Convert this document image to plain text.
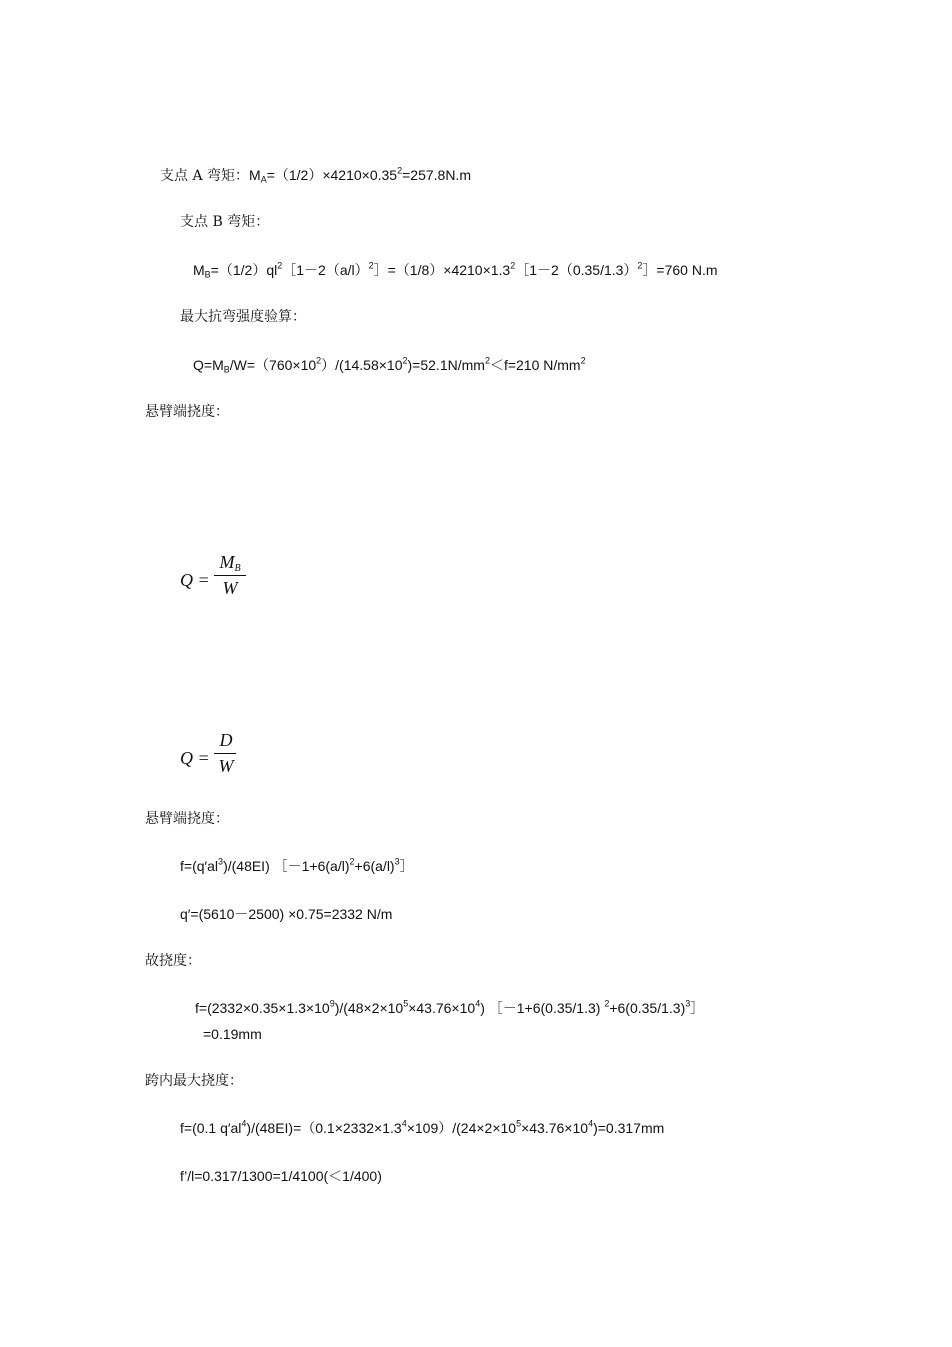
支点 A 弯矩：$M_A=(1/2)\times 4210\times 0.35^2=257.8N.m$
支点 B 弯矩：
$M_B=(1/2)ql^2[1-2(a/l)^2]=(1/8)\times 4210\times 1.3^2[1-2(0.35/1.3)^2]=760$ N.m
最大抗弯强度验算：
$Q=M_B/W=(760\times 10^2)/(14.58\times 10^2)=52.1N/mm^2<f=210$ $N/mm^2$
悬臂端挠度：
Q =
MB
W
Q =
D
W
悬臂端挠度：
$f=(q'al^3)/(48EI)$ $[-1+6(a/l)^2+6(a/l)^3]$
q′=(5610－2500) ×0.75=2332 N/m
故挠度：
$f=(2332\times 0.35\times 1.3\times 10^9)/(48\times 2\times 10^5\times 43.76\times 10^4)$ ［－1+6(0.35/1.3) $^2+6(0.35/1.3)^3]$
=0.19mm
跨内最大挠度：
f=(0.1 $q'al^4)/(48EI)=(0.1\times 2332\times 1.3^4\times 109)/(24\times 2\times 10^5\times 43.76\times 10^4)=0.317mm$
f’/l=0.317/1300=1/4100(＜1/400)
